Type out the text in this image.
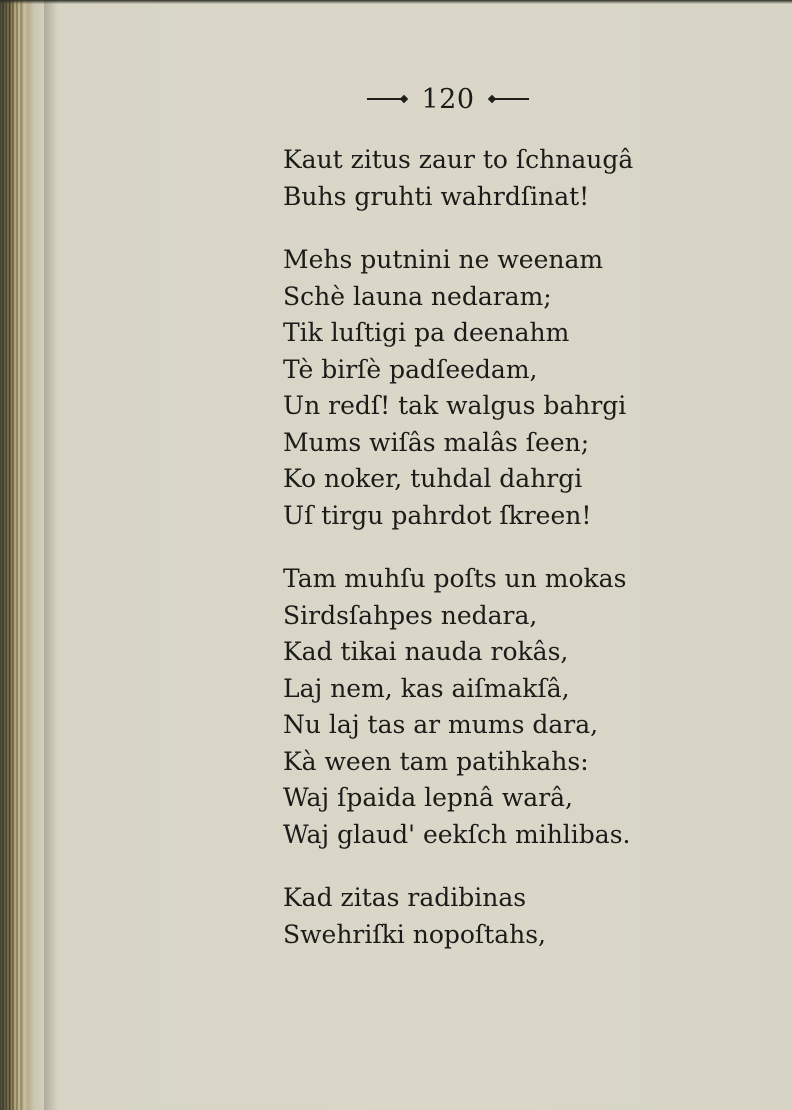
120
Kaut zitus zaur to ſchnaugâ
Buhs gruhti wahrdſinat!
Mehs putnini ne weenam
Schè launa nedaram;
Tik luſtigi pa deenahm
Tè birſè padſeedam,
Un redſ! tak walgus bahrgi
Mums wiſâs malâs ſeen;
Ko noker, tuhdal dahrgi
Uſ tirgu pahrdot ſkreen!
Tam muhſu poſts un mokas
Sirdsſahpes nedara,
Kad tikai nauda rokâs,
Laj nem, kas aiſmakſâ,
Nu laj tas ar mums dara,
Kà ween tam patihkahs:
Waj ſpaida lepnâ warâ,
Waj glaud' eekſch mihlibas.
Kad zitas radibinas
Swehriſki nopoſtahs,
